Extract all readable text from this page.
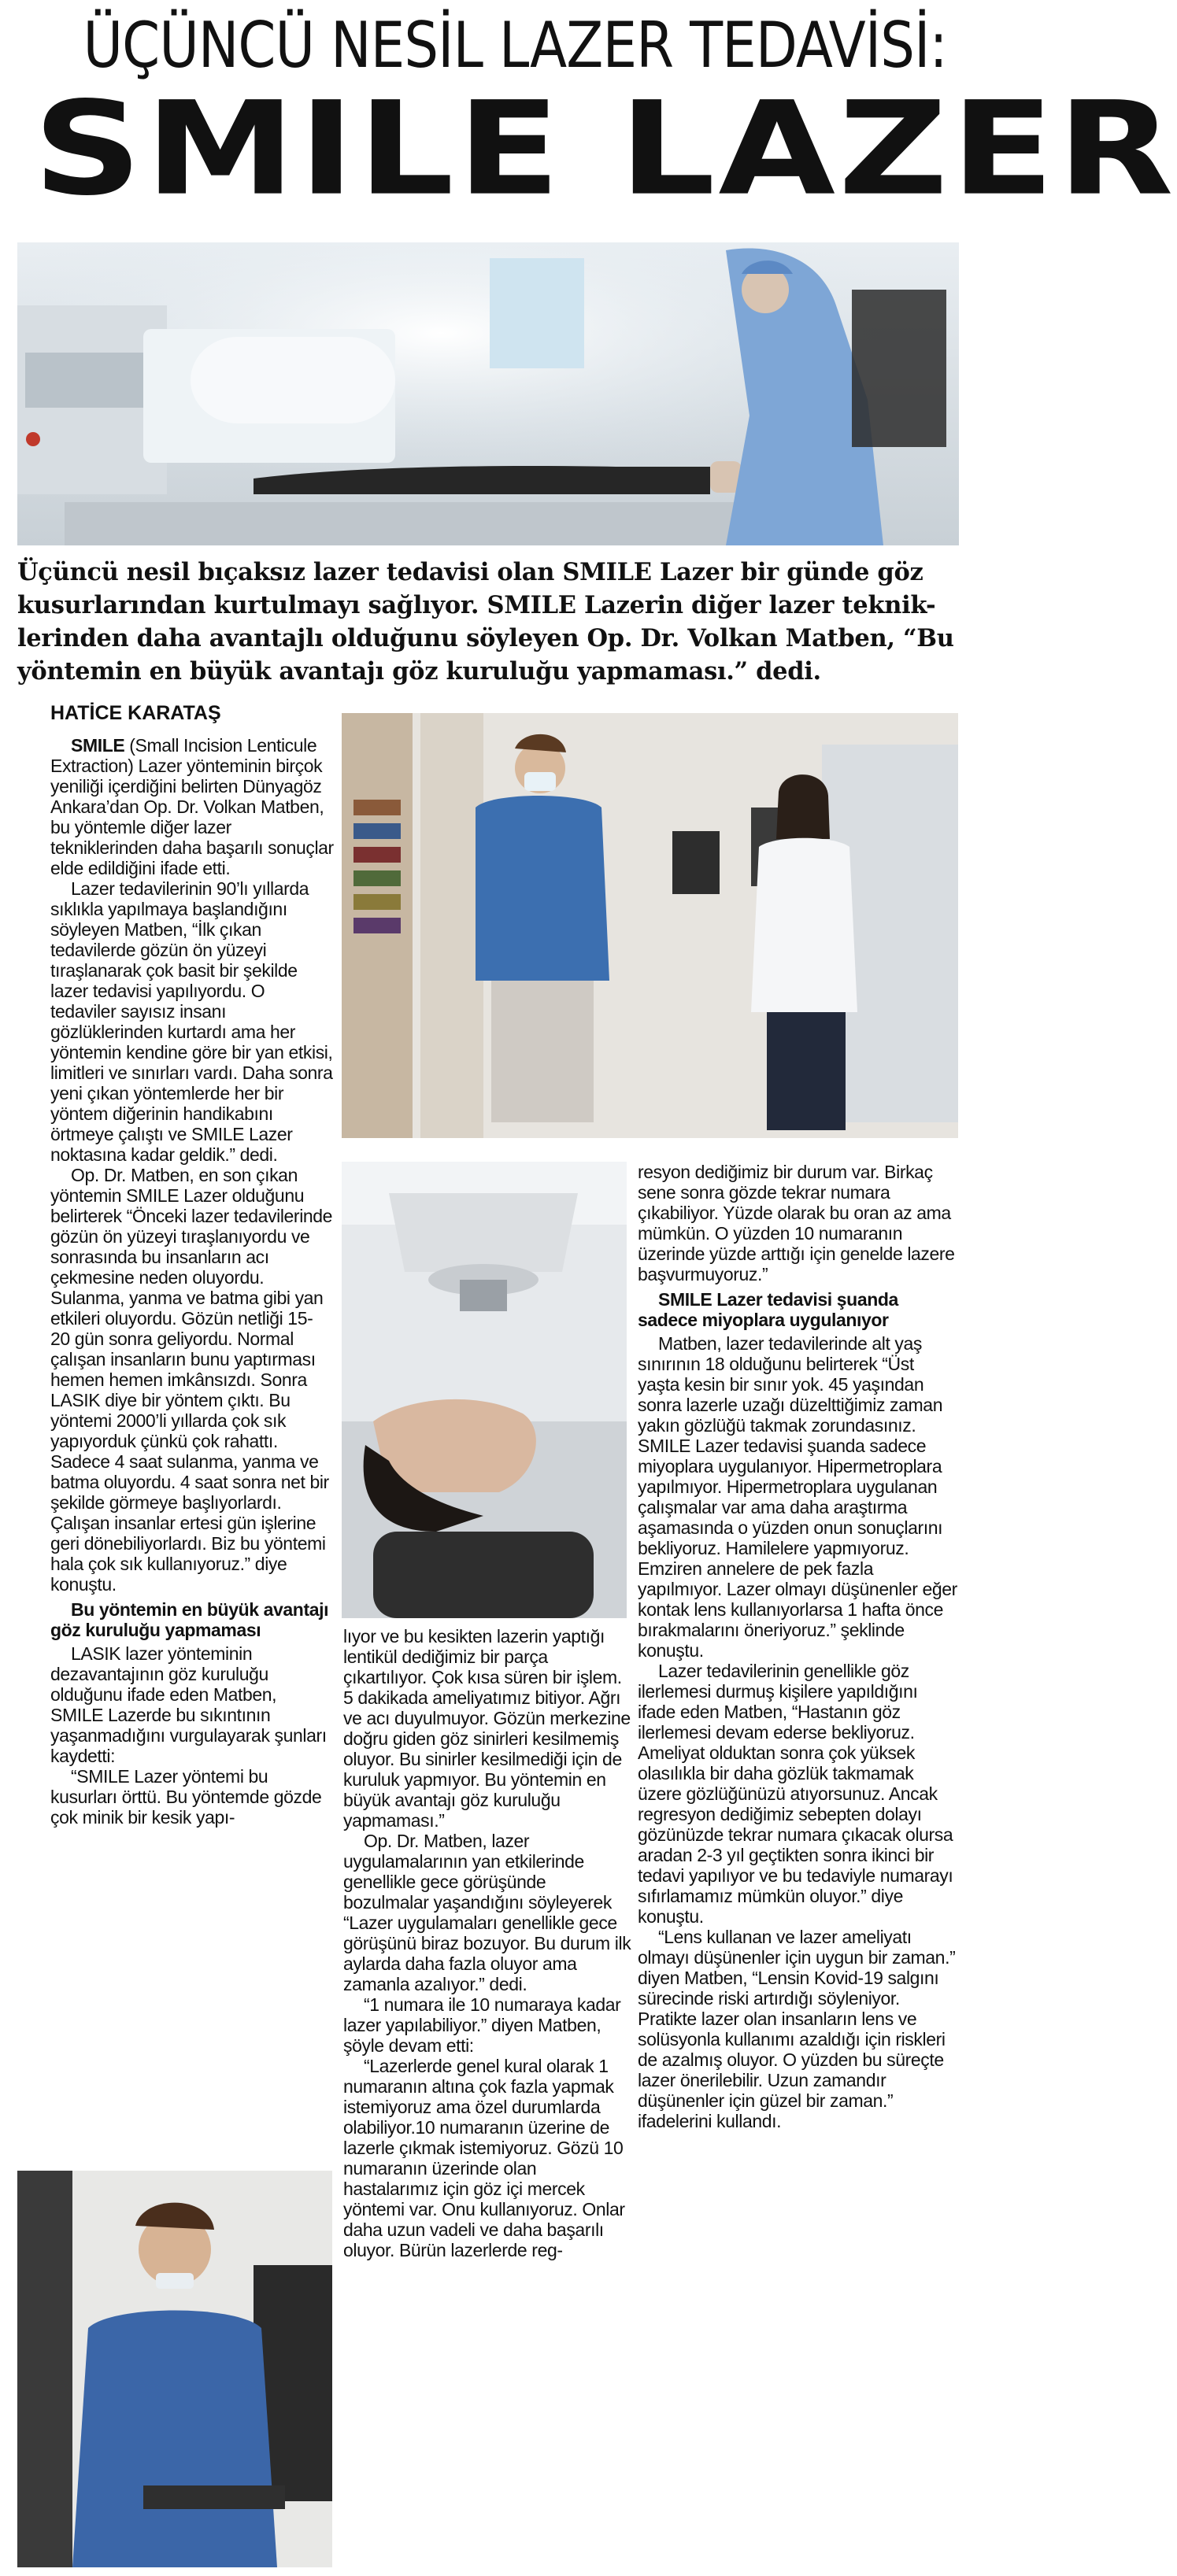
ÜÇÜNCÜ NESİL LAZER TEDAVİSİ:
SMILE LAZER
Üçüncü nesil bıçaksız lazer tedavisi olan SMILE Lazer bir günde göz kusurlarından kurtulmayı sağlıyor. SMILE Lazerin diğer lazer teknik-lerinden daha avantajlı olduğunu söyleyen Op. Dr. Volkan Matben, “Bu yöntemin en büyük avantajı göz kuruluğu yapmaması.” dedi.
HATİCE KARATAŞ

SMILE (Small Incision Lenticule Extraction) Lazer yönteminin birçok yeniliği içerdiğini belirten Dünyagöz Ankara’dan Op. Dr. Volkan Matben, bu yöntemle diğer lazer tekniklerinden daha başarılı sonuçlar elde edildiğini ifade etti.

Lazer tedavilerinin 90’lı yıllarda sıklıkla yapılmaya başlandığını söyleyen Matben, “İlk çıkan tedavilerde gözün ön yüzeyi tıraşlanarak çok basit bir şekilde lazer tedavisi yapılıyordu. O tedaviler sayısız insanı gözlüklerinden kurtardı ama her yöntemin kendine göre bir yan etkisi, limitleri ve sınırları vardı. Daha sonra yeni çıkan yöntemlerde her bir yöntem diğerinin handikabını örtmeye çalıştı ve SMILE Lazer noktasına kadar geldik.” dedi.

Op. Dr. Matben, en son çıkan yöntemin SMILE Lazer olduğunu belirterek “Önceki lazer tedavilerinde gözün ön yüzeyi tıraşlanıyordu ve sonrasında bu insanların acı çekmesine neden oluyordu. Sulanma, yanma ve batma gibi yan etkileri oluyordu. Gözün netliği 15- 20 gün sonra geliyordu. Normal çalışan insanların bunu yaptırması hemen hemen imkânsızdı. Sonra LASIK diye bir yöntem çıktı. Bu yöntemi 2000’li yıllarda çok sık yapıyorduk çünkü çok rahattı. Sadece 4 saat sulanma, yanma ve batma oluyordu. 4 saat sonra net bir şekilde görmeye başlıyorlardı. Çalışan insanlar ertesi gün işlerine geri dönebiliyorlardı. Biz bu yöntemi hala çok sık kullanıyoruz.” diye konuştu.

Bu yöntemin en büyük avantajı göz kuruluğu yapmaması

LASIK lazer yönteminin dezavantajının göz kuruluğu olduğunu ifade eden Matben, SMILE Lazerde bu sıkıntının yaşanmadığını vurgulayarak şunları kaydetti:

“SMILE Lazer yöntemi bu kusurları örttü. Bu yöntemde gözde çok minik bir kesik yapı-

lıyor ve bu kesikten lazerin yaptığı lentikül dediğimiz bir parça çıkartılıyor. Çok kısa süren bir işlem. 5 dakikada ameliyatımız bitiyor. Ağrı ve acı duyulmuyor. Gözün merkezine doğru giden göz sinirleri kesilmemiş oluyor. Bu sinirler kesilmediği için de kuruluk yapmıyor. Bu yöntemin en büyük avantajı göz kuruluğu yapmaması.”

Op. Dr. Matben, lazer uygulamalarının yan etkilerinde genellikle gece görüşünde bozulmalar yaşandığını söyleyerek “Lazer uygulamaları genellikle gece görüşünü biraz bozuyor. Bu durum ilk aylarda daha fazla oluyor ama zamanla azalıyor.” dedi.

“1 numara ile 10 numaraya kadar lazer yapılabiliyor.” diyen Matben, şöyle devam etti:

“Lazerlerde genel kural olarak 1 numaranın altına çok fazla yapmak istemiyoruz ama özel durumlarda olabiliyor.10 numaranın üzerine de lazerle çıkmak istemiyoruz. Gözü 10 numaranın üzerinde olan hastalarımız için göz içi mercek yöntemi var. Onu kullanıyoruz. Onlar daha uzun vadeli ve daha başarılı oluyor. Bürün lazerlerde reg-

resyon dediğimiz bir durum var. Birkaç sene sonra gözde tekrar numara çıkabiliyor. Yüzde olarak bu oran az ama mümkün. O yüzden 10 numaranın üzerinde yüzde arttığı için genelde lazere başvurmuyoruz.”

SMILE Lazer tedavisi şuanda sadece miyoplara uygulanıyor

Matben, lazer tedavilerinde alt yaş sınırının 18 olduğunu belirterek “Üst yaşta kesin bir sınır yok. 45 yaşından sonra lazerle uzağı düzelttiğimiz zaman yakın gözlüğü takmak zorundasınız. SMILE Lazer tedavisi şuanda sadece miyoplara uygulanıyor. Hipermetroplara yapılmıyor. Hipermetroplara uygulanan çalışmalar var ama daha araştırma aşamasında o yüzden onun sonuçlarını bekliyoruz. Hamilelere yapmıyoruz. Emziren annelere de pek fazla yapılmıyor. Lazer olmayı düşünenler eğer kontak lens kullanıyorlarsa 1 hafta önce bırakmalarını öneriyoruz.” şeklinde konuştu.

Lazer tedavilerinin genellikle göz ilerlemesi durmuş kişilere yapıldığını ifade eden Matben, “Hastanın göz ilerlemesi devam ederse bekliyoruz. Ameliyat olduktan sonra çok yüksek olasılıkla bir daha gözlük takmamak üzere gözlüğünüzü atıyorsunuz. Ancak regresyon dediğimiz sebepten dolayı gözünüzde tekrar numara çıkacak olursa aradan 2-3 yıl geçtikten sonra ikinci bir tedavi yapılıyor ve bu tedaviyle numarayı sıfırlamamız mümkün oluyor.” diye konuştu.

“Lens kullanan ve lazer ameliyatı olmayı düşünenler için uygun bir zaman.” diyen Matben, “Lensin Kovid-19 salgını sürecinde riski artırdığı söyleniyor. Pratikte lazer olan insanların lens ve solüsyonla kullanımı azaldığı için riskleri de azalmış oluyor. O yüzden bu süreçte lazer önerilebilir. Uzun zamandır düşünenler için güzel bir zaman.” ifadelerini kullandı.
